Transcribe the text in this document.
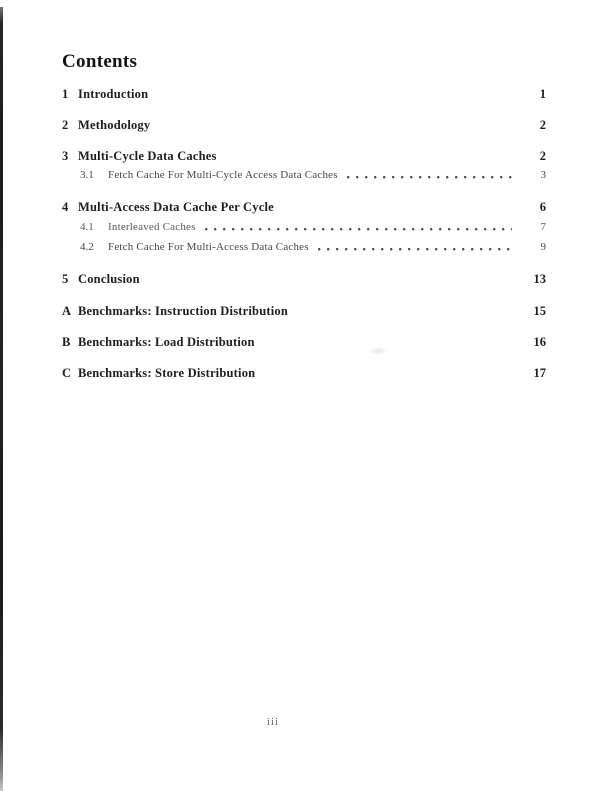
Contents
1 Introduction	1
2 Methodology	2
3 Multi-Cycle Data Caches	2
3.1	Fetch Cache For Multi-Cycle Access Data Caches	3
4 Multi-Access Data Cache Per Cycle	6
4.1	Interleaved Caches	7
4.2	Fetch Cache For Multi-Access Data Caches	9
5 Conclusion	13
A Benchmarks: Instruction Distribution	15
B Benchmarks: Load Distribution	16
C Benchmarks: Store Distribution	17
iii
